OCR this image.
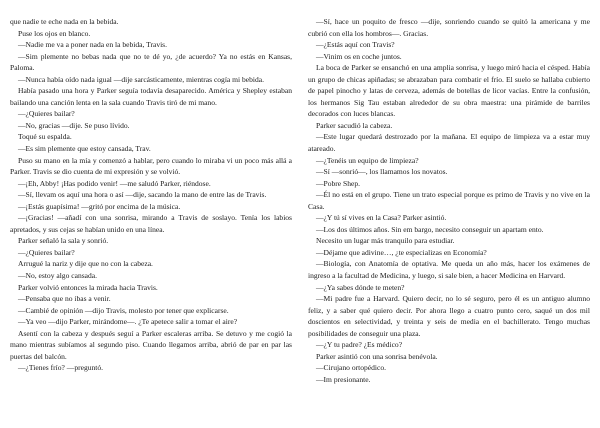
que nadie te eche nada en la bebida.

Puse los ojos en blanco.

—Nadie me va a poner nada en la bebida, Travis.

—Sim plemente no bebas nada que no te dé yo, ¿de acuerdo? Ya no estás en Kansas, Paloma.

—Nunca había oído nada igual —dije sarcásticamente, mientras cogía mi bebida.

Había pasado una hora y Parker seguía todavía desaparecido. América y Shepley estaban bailando una canción lenta en la sala cuando Travis tiró de mi mano.

—¿Quieres bailar?

—No, gracias —dije. Se puso lívido.

Toqué su espalda.

—Es sim plemente que estoy cansada, Trav.

Puso su mano en la mía y comenzó a hablar, pero cuando lo miraba vi un poco más allá a Parker. Travis se dio cuenta de mi expresión y se volvió.

—¡Eh, Abby! ¡Has podido venir! —me saludó Parker, riéndose.

—Sí, llevam os aquí una hora o así —dije, sacando la mano de entre las de Travis.

—¡Estás guapísima! —gritó por encima de la música.

—¡Gracias! —añadí con una sonrisa, mirando a Travis de soslayo. Tenía los labios apretados, y sus cejas se habían unido en una línea.

Parker señaló la sala y sonrió.

—¿Quieres bailar?

Arrugué la nariz y dije que no con la cabeza.

—No, estoy algo cansada.

Parker volvió entonces la mirada hacia Travis.

—Pensaba que no ibas a venir.

—Cambié de opinión —dijo Travis, molesto por tener que explicarse.

—Ya veo —dijo Parker, mirándome—. ¿Te apetece salir a tomar el aire?

Asentí con la cabeza y después seguí a Parker escaleras arriba. Se detuvo y me cogió la mano mientras subíamos al segundo piso. Cuando llegamos arriba, abrió de par en par las puertas del balcón.

—¿Tienes frío? —preguntó.

—Sí, hace un poquito de fresco —dije, sonriendo cuando se quitó la americana y me cubrió con ella los hombros—. Gracias.

—¿Estás aquí con Travis?

—Vinim os en coche juntos.

La boca de Parker se ensanchó en una amplia sonrisa, y luego miró hacia el césped. Había un grupo de chicas apiñadas; se abrazaban para combatir el frío. El suelo se hallaba cubierto de papel pinocho y latas de cerveza, además de botellas de licor vacías. Entre la confusión, los hermanos Sig Tau estaban alrededor de su obra maestra: una pirámide de barriles decorados con luces blancas.

Parker sacudió la cabeza.

—Este lugar quedará destrozado por la mañana. El equipo de limpieza va a estar muy atareado.

—¿Tenéis un equipo de limpieza?

—Sí —sonrió—, los llamamos los novatos.

—Pobre Shep.

—Él no está en el grupo. Tiene un trato especial porque es primo de Travis y no vive en la Casa.

—¿Y tú sí vives en la Casa? Parker asintió.

—Los dos últimos años. Sin em bargo, necesito conseguir un apartam ento.

Necesito un lugar más tranquilo para estudiar.

—Déjame que adivine…, ¿te especializas en Economía?

—Biología, con Anatomía de optativa. Me queda un año más, hacer los exámenes de ingreso a la facultad de Medicina, y luego, si sale bien, a hacer Medicina en Harvard.

—¿Ya sabes dónde te meten?

—Mi padre fue a Harvard. Quiero decir, no lo sé seguro, pero él es un antiguo alumno feliz, y a saber qué quiero decir. Por ahora llego a cuatro punto cero, saqué un dos mil doscientos en selectividad, y treinta y seis de media en el bachillerato. Tengo muchas posibilidades de conseguir una plaza.

—¿Y tu padre? ¿Es médico?

Parker asintió con una sonrisa benévola.

—Cirujano ortopédico.

—Im presionante.
